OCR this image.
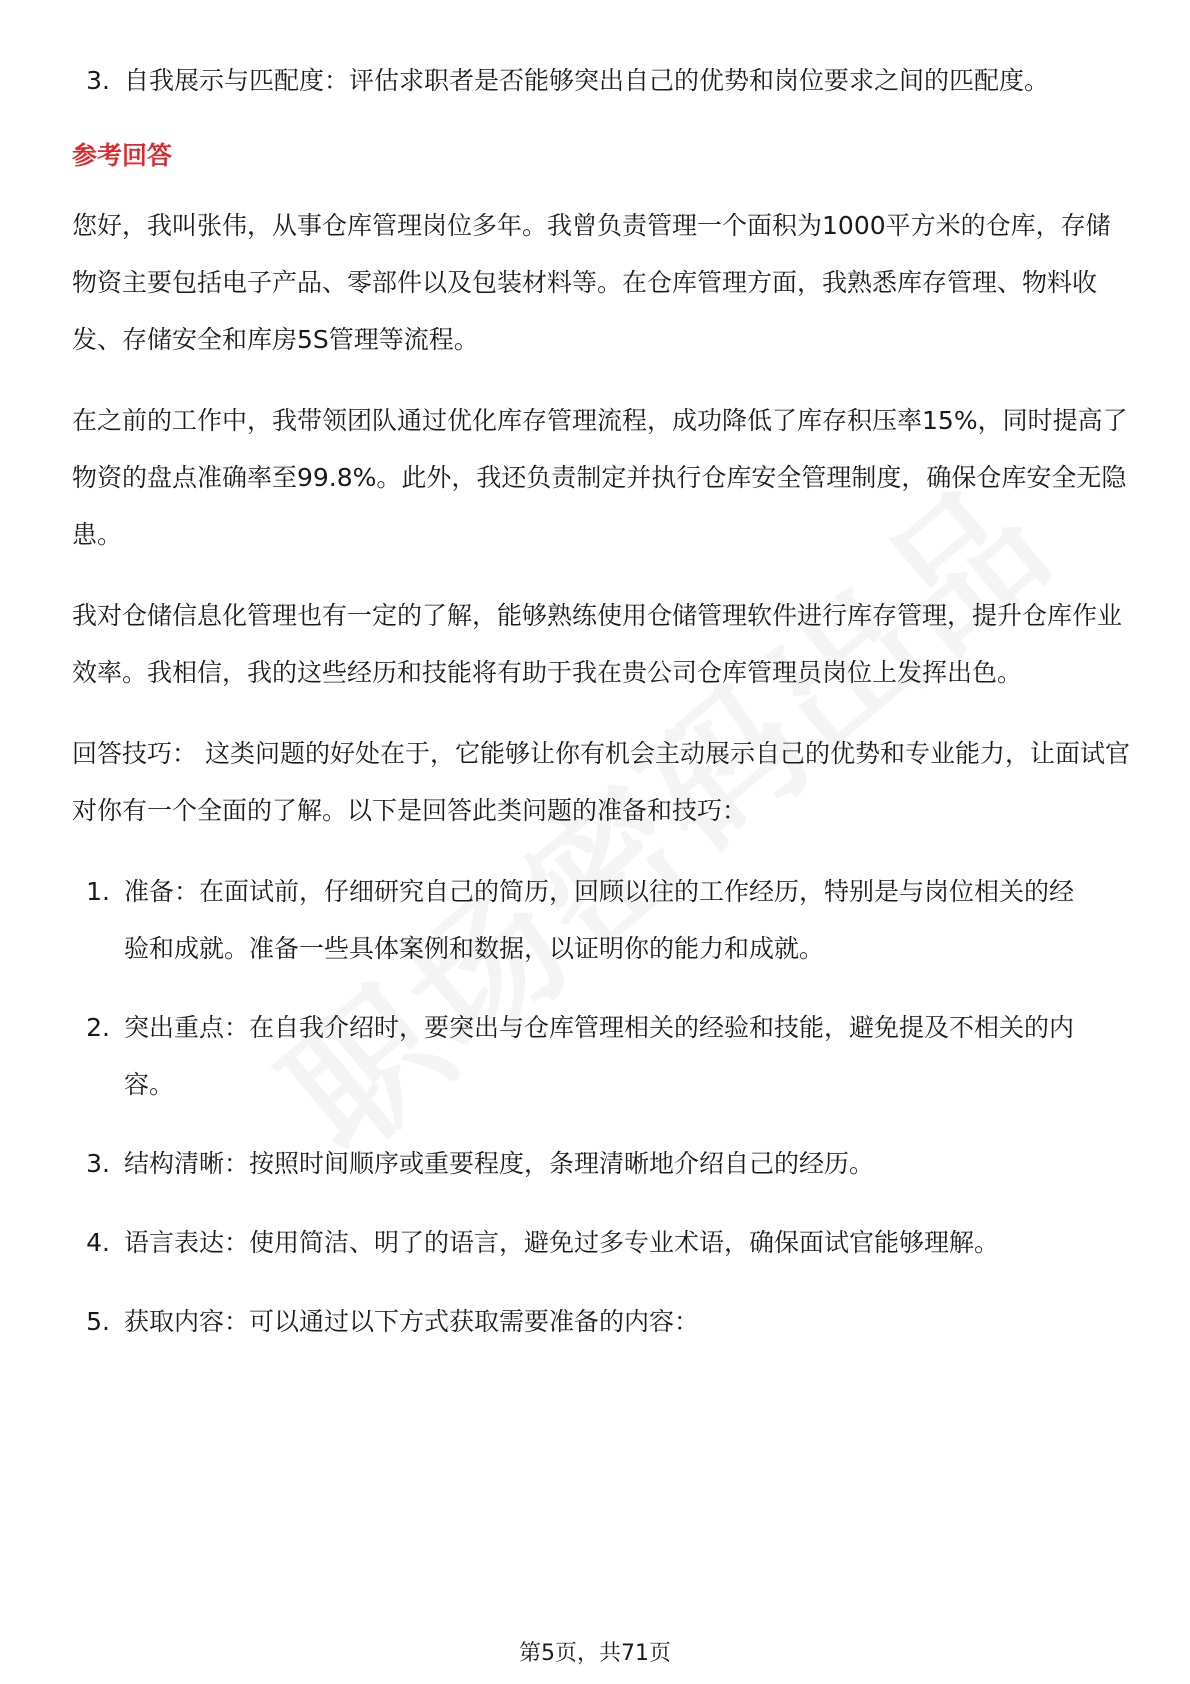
3. 自我展示与匹配度：评估求职者是否能够突出自己的优势和岗位要求之间的匹配度。
参考回答

您好，我叫张伟，从事仓库管理岗位多年。我曾负责管理一个面积为1000平方米的仓库，存储物资主要包括电子产品、零部件以及包装材料等。在仓库管理方面，我熟悉库存管理、物料收发、存储安全和库房5S管理等流程。

在之前的工作中，我带领团队通过优化库存管理流程，成功降低了库存积压率15%，同时提高了物资的盘点准确率至99.8%。此外，我还负责制定并执行仓库安全管理制度，确保仓库安全无隐患。

我对仓储信息化管理也有一定的了解，能够熟练使用仓储管理软件进行库存管理，提升仓库作业效率。我相信，我的这些经历和技能将有助于我在贵公司仓库管理员岗位上发挥出色。

回答技巧： 这类问题的好处在于，它能够让你有机会主动展示自己的优势和专业能力，让面试官对你有一个全面的了解。以下是回答此类问题的准备和技巧：

1. 准备：在面试前，仔细研究自己的简历，回顾以往的工作经历，特别是与岗位相关的经验和成就。准备一些具体案例和数据，以证明你的能力和成就。
2. 突出重点：在自我介绍时，要突出与仓库管理相关的经验和技能，避免提及不相关的内容。
3. 结构清晰：按照时间顺序或重要程度，条理清晰地介绍自己的经历。
4. 语言表达：使用简洁、明了的语言，避免过多专业术语，确保面试官能够理解。
5. 获取内容：可以通过以下方式获取需要准备的内容：
第5页，共71页
